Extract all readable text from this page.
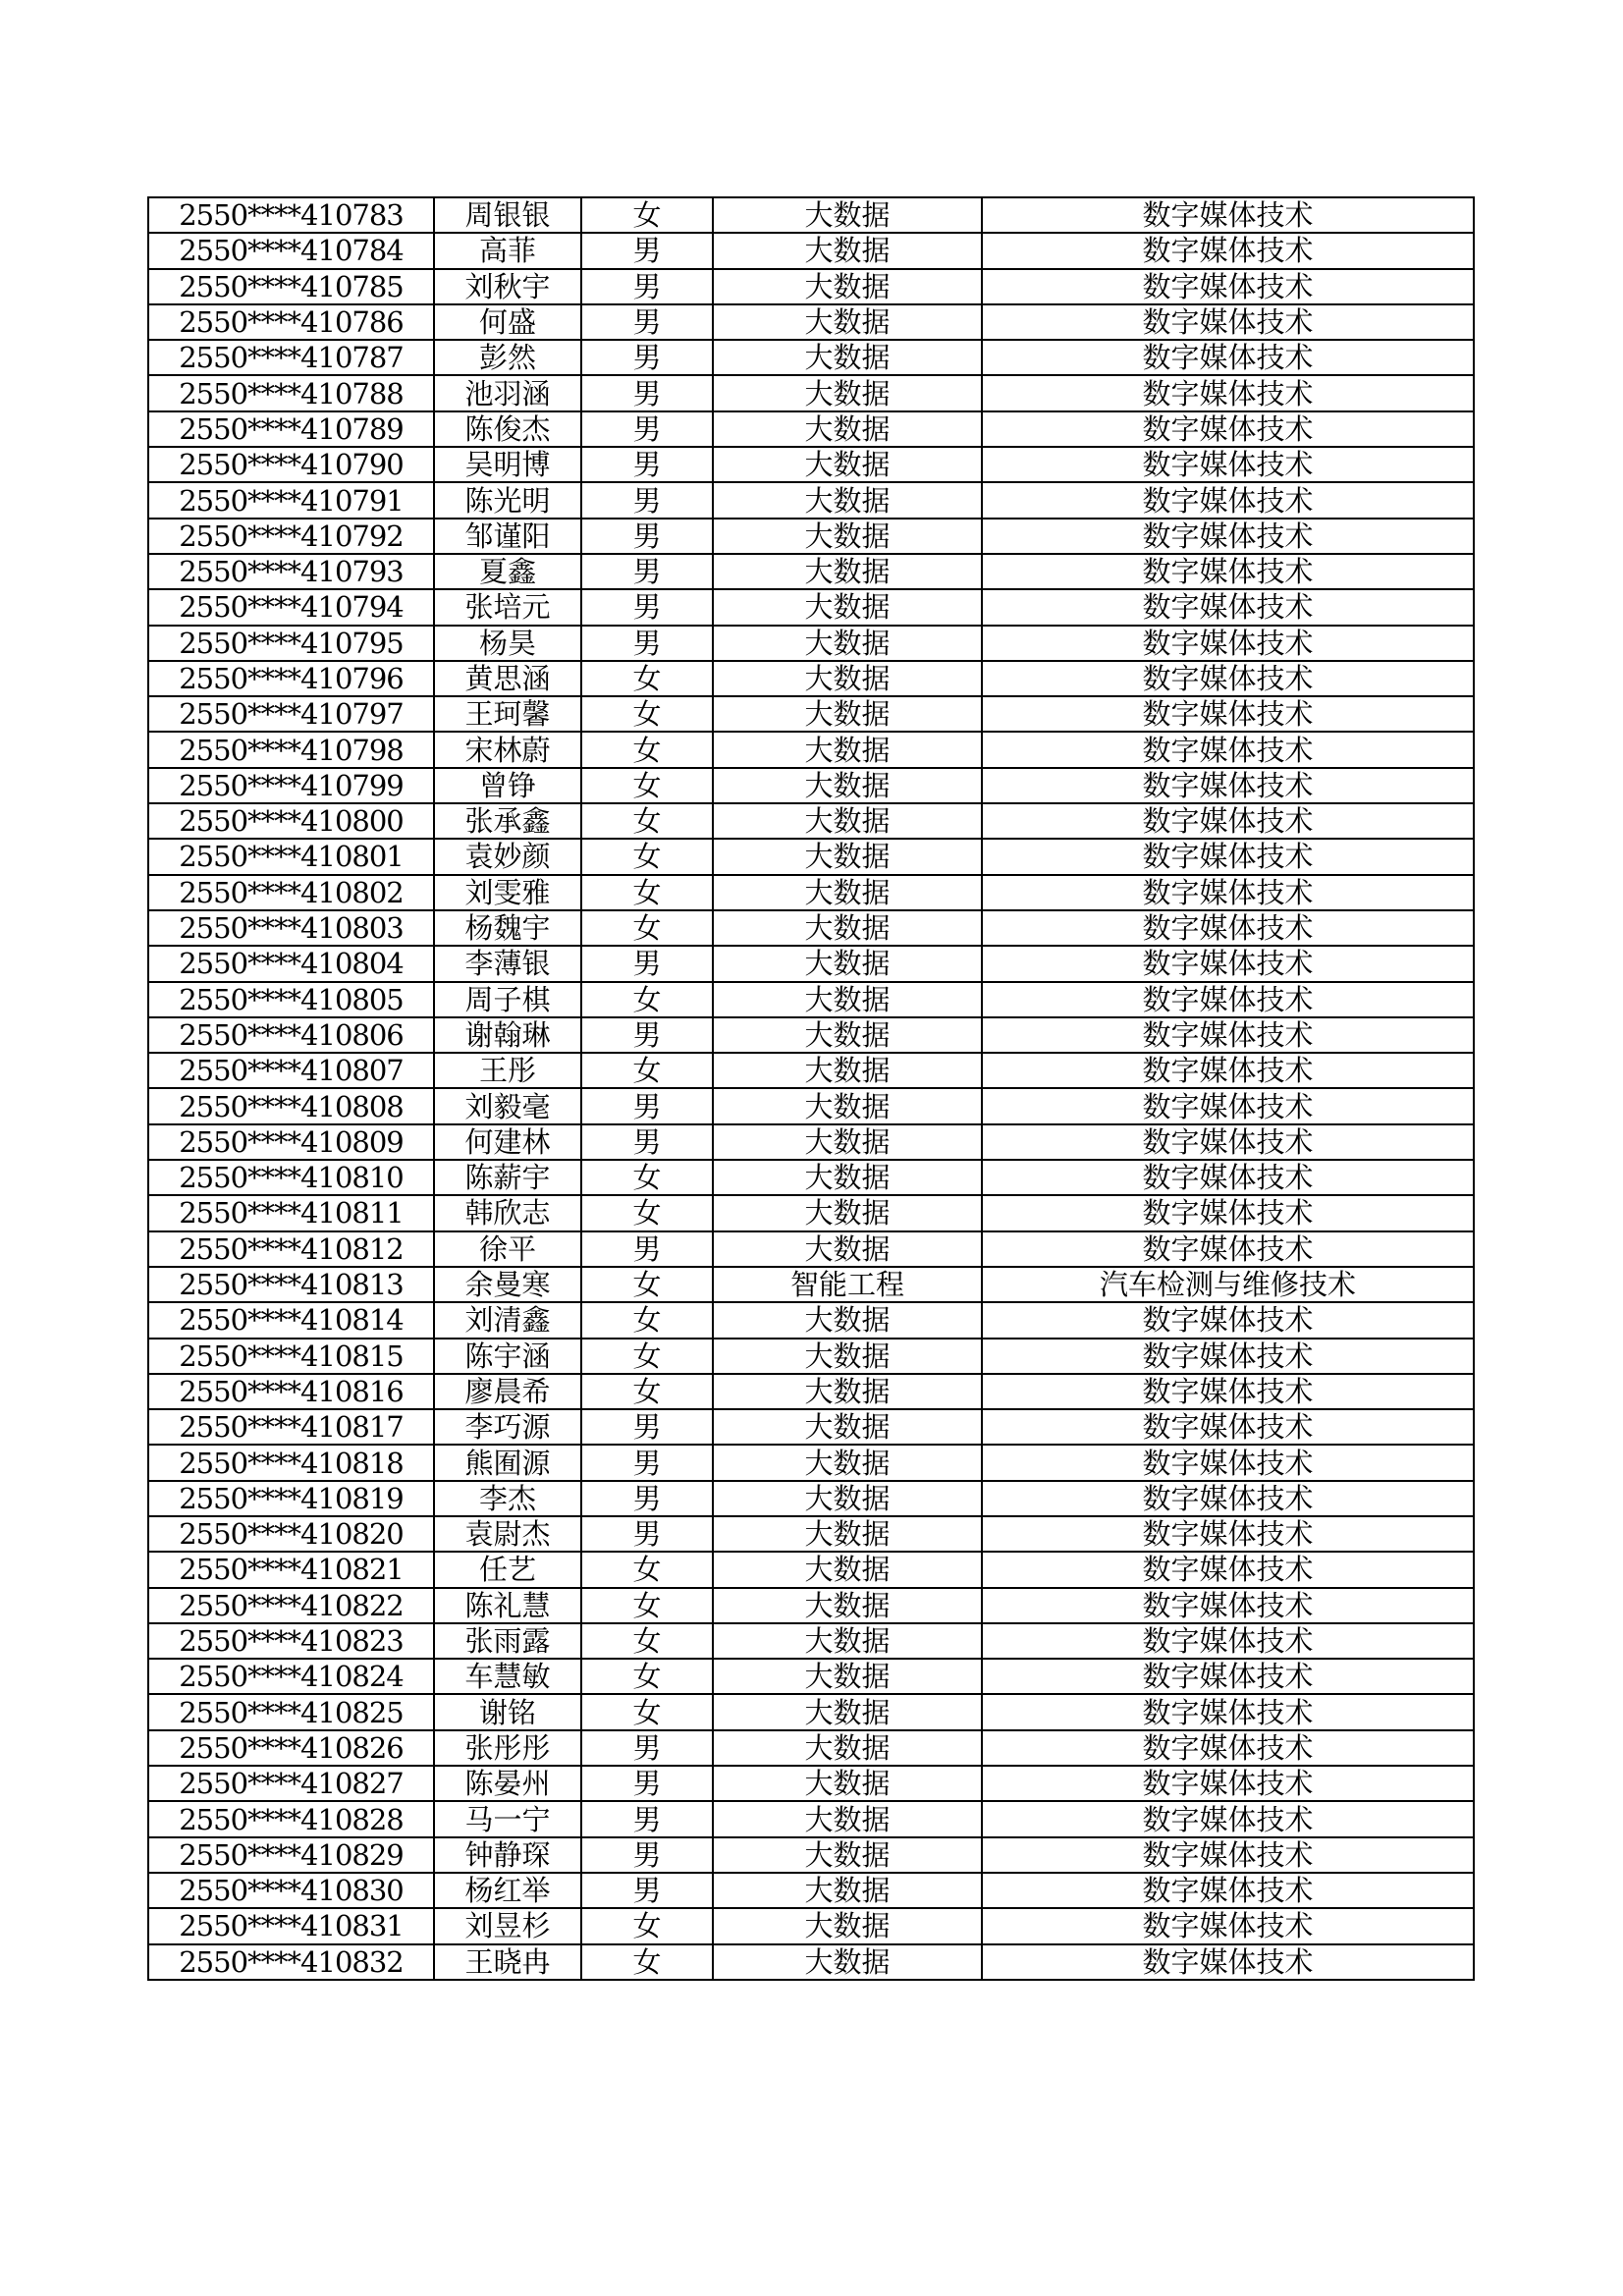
2550****410783	周银银	女	大数据	数字媒体技术
2550****410784	高菲	男	大数据	数字媒体技术
2550****410785	刘秋宇	男	大数据	数字媒体技术
2550****410786	何盛	男	大数据	数字媒体技术
2550****410787	彭然	男	大数据	数字媒体技术
2550****410788	池羽涵	男	大数据	数字媒体技术
2550****410789	陈俊杰	男	大数据	数字媒体技术
2550****410790	吴明博	男	大数据	数字媒体技术
2550****410791	陈光明	男	大数据	数字媒体技术
2550****410792	邹谨阳	男	大数据	数字媒体技术
2550****410793	夏鑫	男	大数据	数字媒体技术
2550****410794	张培元	男	大数据	数字媒体技术
2550****410795	杨昊	男	大数据	数字媒体技术
2550****410796	黄思涵	女	大数据	数字媒体技术
2550****410797	王珂馨	女	大数据	数字媒体技术
2550****410798	宋林蔚	女	大数据	数字媒体技术
2550****410799	曾铮	女	大数据	数字媒体技术
2550****410800	张承鑫	女	大数据	数字媒体技术
2550****410801	袁妙颜	女	大数据	数字媒体技术
2550****410802	刘雯雅	女	大数据	数字媒体技术
2550****410803	杨魏宇	女	大数据	数字媒体技术
2550****410804	李薄银	男	大数据	数字媒体技术
2550****410805	周子棋	女	大数据	数字媒体技术
2550****410806	谢翰琳	男	大数据	数字媒体技术
2550****410807	王彤	女	大数据	数字媒体技术
2550****410808	刘毅毫	男	大数据	数字媒体技术
2550****410809	何建林	男	大数据	数字媒体技术
2550****410810	陈薪宇	女	大数据	数字媒体技术
2550****410811	韩欣志	女	大数据	数字媒体技术
2550****410812	徐平	男	大数据	数字媒体技术
2550****410813	余曼寒	女	智能工程	汽车检测与维修技术
2550****410814	刘清鑫	女	大数据	数字媒体技术
2550****410815	陈宇涵	女	大数据	数字媒体技术
2550****410816	廖晨希	女	大数据	数字媒体技术
2550****410817	李巧源	男	大数据	数字媒体技术
2550****410818	熊囿源	男	大数据	数字媒体技术
2550****410819	李杰	男	大数据	数字媒体技术
2550****410820	袁尉杰	男	大数据	数字媒体技术
2550****410821	任艺	女	大数据	数字媒体技术
2550****410822	陈礼慧	女	大数据	数字媒体技术
2550****410823	张雨露	女	大数据	数字媒体技术
2550****410824	车慧敏	女	大数据	数字媒体技术
2550****410825	谢铭	女	大数据	数字媒体技术
2550****410826	张彤彤	男	大数据	数字媒体技术
2550****410827	陈晏州	男	大数据	数字媒体技术
2550****410828	马一宁	男	大数据	数字媒体技术
2550****410829	钟静琛	男	大数据	数字媒体技术
2550****410830	杨红举	男	大数据	数字媒体技术
2550****410831	刘昱杉	女	大数据	数字媒体技术
2550****410832	王晓冉	女	大数据	数字媒体技术
